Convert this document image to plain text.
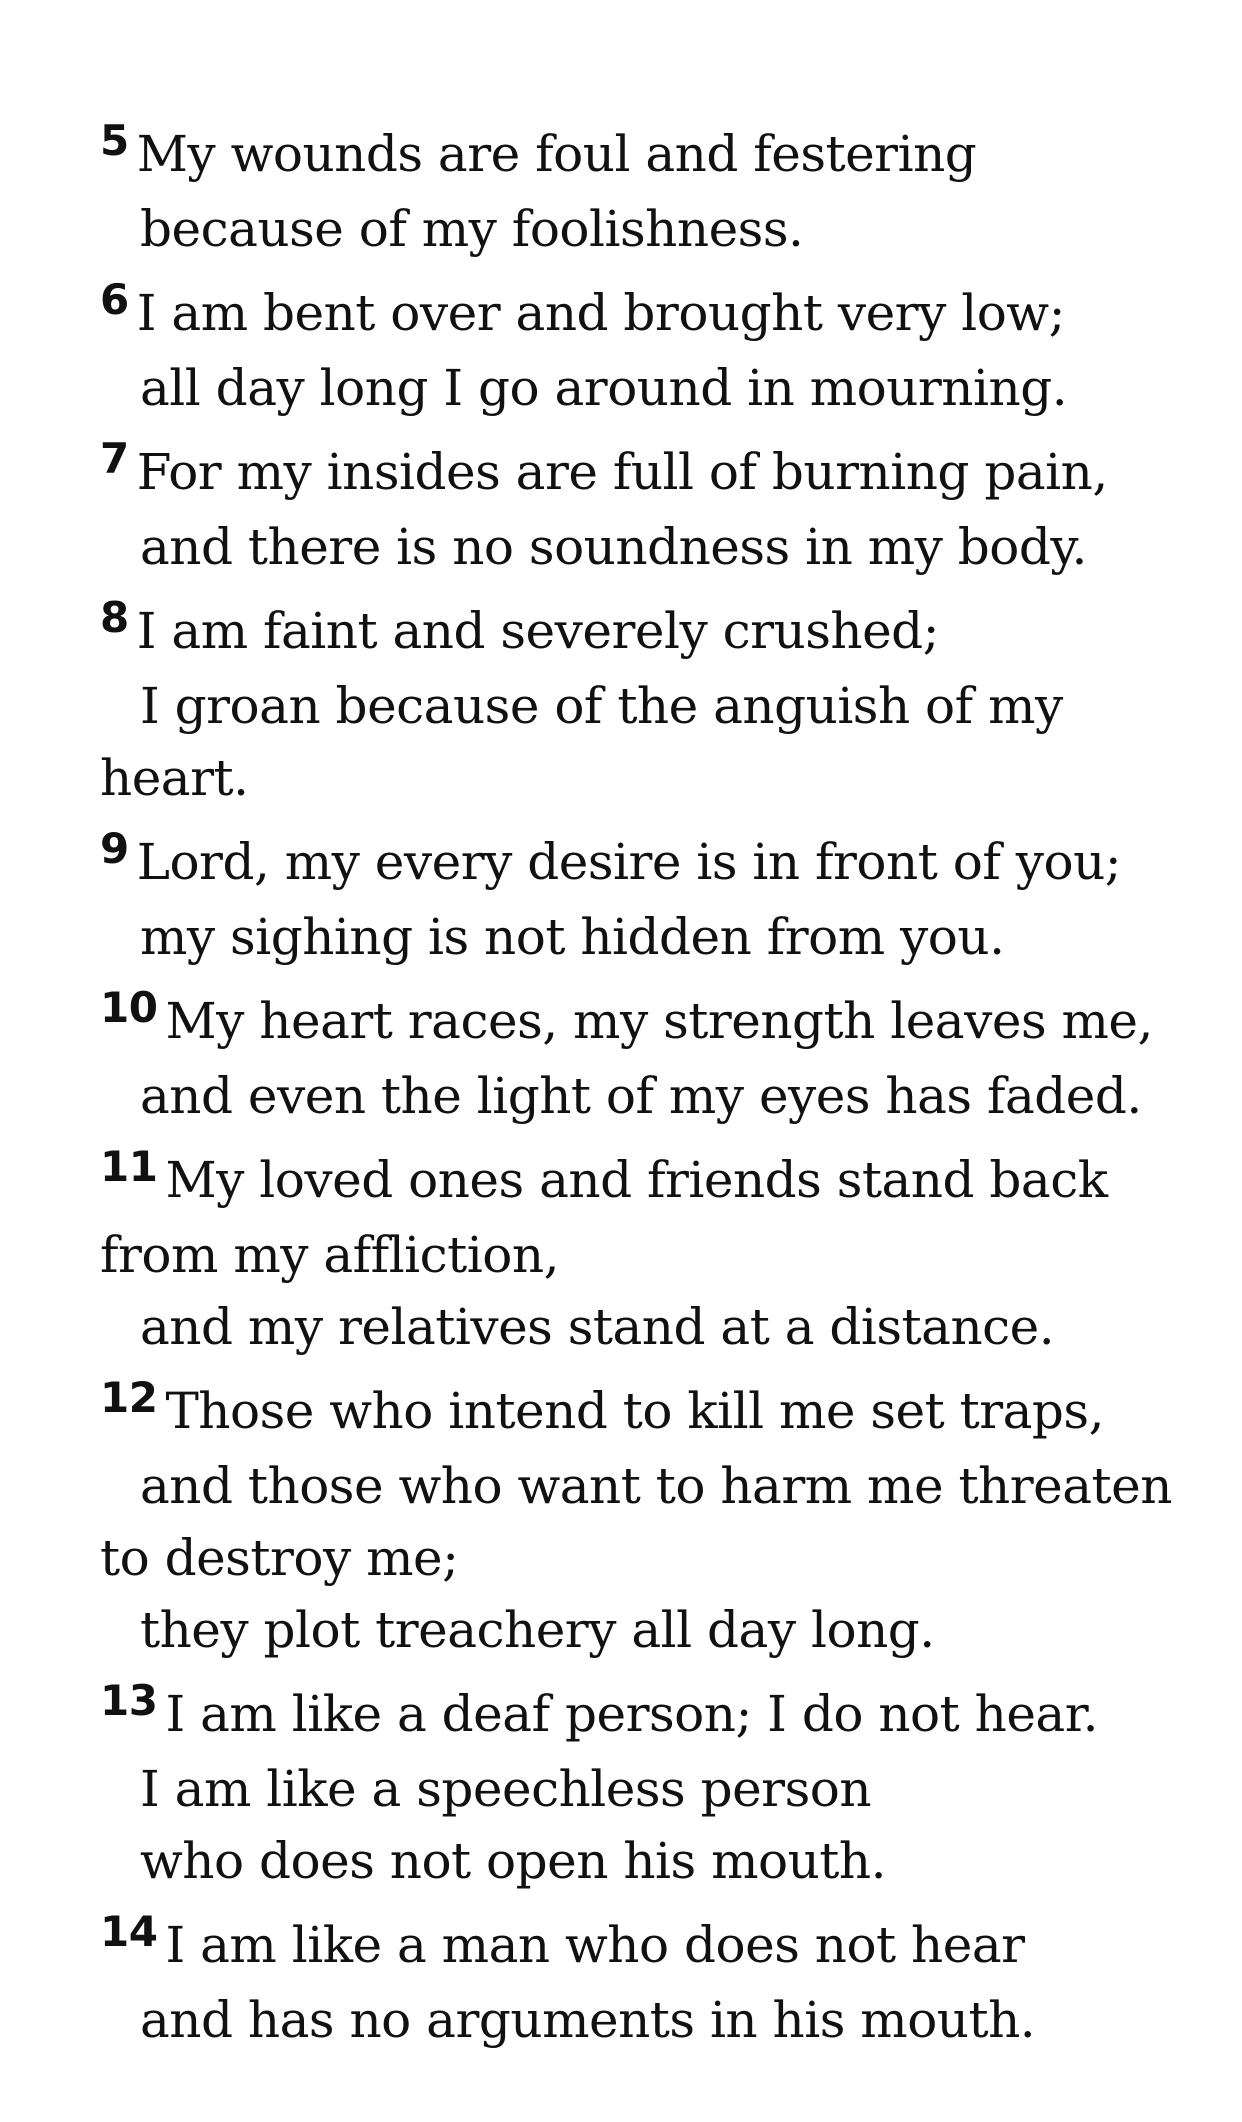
$^5$ My wounds are foul and festering
because of my foolishness.
$^6$ I am bent over and brought very low;
all day long I go around in mourning.
$^7$ For my insides are full of burning pain,
and there is no soundness in my body.
$^8$ I am faint and severely crushed;
I groan because of the anguish of my
heart.
$^9$ Lord, my every desire is in front of you;
my sighing is not hidden from you.
$^{10}$ My heart races, my strength leaves me,
and even the light of my eyes has faded.
$^{11}$ My loved ones and friends stand back
from my affliction,
and my relatives stand at a distance.
$^{12}$ Those who intend to kill me set traps,
and those who want to harm me threaten
to destroy me;
they plot treachery all day long.
$^{13}$ I am like a deaf person; I do not hear.
I am like a speechless person
who does not open his mouth.
$^{14}$ I am like a man who does not hear
and has no arguments in his mouth.
